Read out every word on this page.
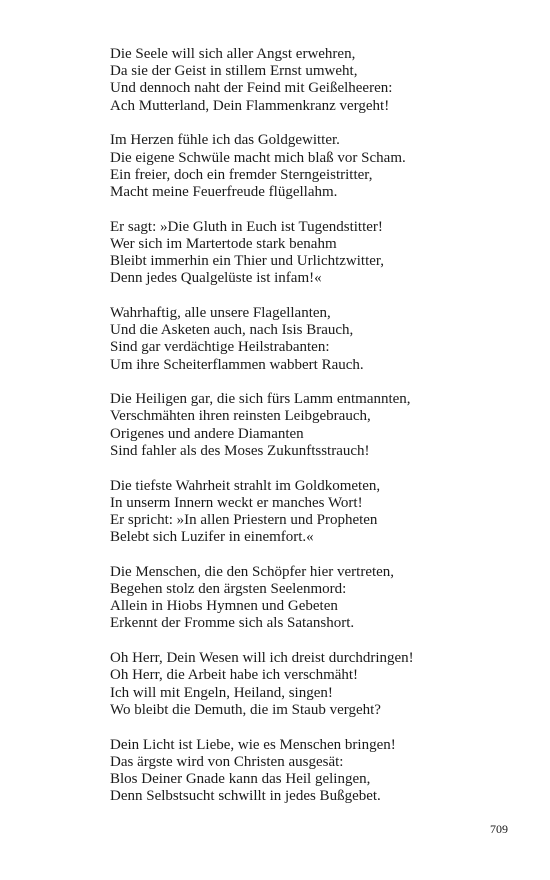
Die Seele will sich aller Angst erwehren,
Da sie der Geist in stillem Ernst umweht,
Und dennoch naht der Feind mit Geißelheeren:
Ach Mutterland, Dein Flammenkranz vergeht!
Im Herzen fühle ich das Goldgewitter.
Die eigene Schwüle macht mich blaß vor Scham.
Ein freier, doch ein fremder Sterngeistritter,
Macht meine Feuerfreude flügellahm.
Er sagt: »Die Gluth in Euch ist Tugendstitter!
Wer sich im Martertode stark benahm
Bleibt immerhin ein Thier und Urlichtzwitter,
Denn jedes Qualgelüste ist infam!«
Wahrhaftig, alle unsere Flagellanten,
Und die Asketen auch, nach Isis Brauch,
Sind gar verdächtige Heilstrabanten:
Um ihre Scheiterflammen wabbert Rauch.
Die Heiligen gar, die sich fürs Lamm entmannten,
Verschmähten ihren reinsten Leibgebrauch,
Origenes und andere Diamanten
Sind fahler als des Moses Zukunftsstrauch!
Die tiefste Wahrheit strahlt im Goldkometen,
In unserm Innern weckt er manches Wort!
Er spricht: »In allen Priestern und Propheten
Belebt sich Luzifer in einemfort.«
Die Menschen, die den Schöpfer hier vertreten,
Begehen stolz den ärgsten Seelenmord:
Allein in Hiobs Hymnen und Gebeten
Erkennt der Fromme sich als Satanshort.
Oh Herr, Dein Wesen will ich dreist durchdringen!
Oh Herr, die Arbeit habe ich verschmäht!
Ich will mit Engeln, Heiland, singen!
Wo bleibt die Demuth, die im Staub vergeht?
Dein Licht ist Liebe, wie es Menschen bringen!
Das ärgste wird von Christen ausgesät:
Blos Deiner Gnade kann das Heil gelingen,
Denn Selbstsucht schwillt in jedes Bußgebet.
709
